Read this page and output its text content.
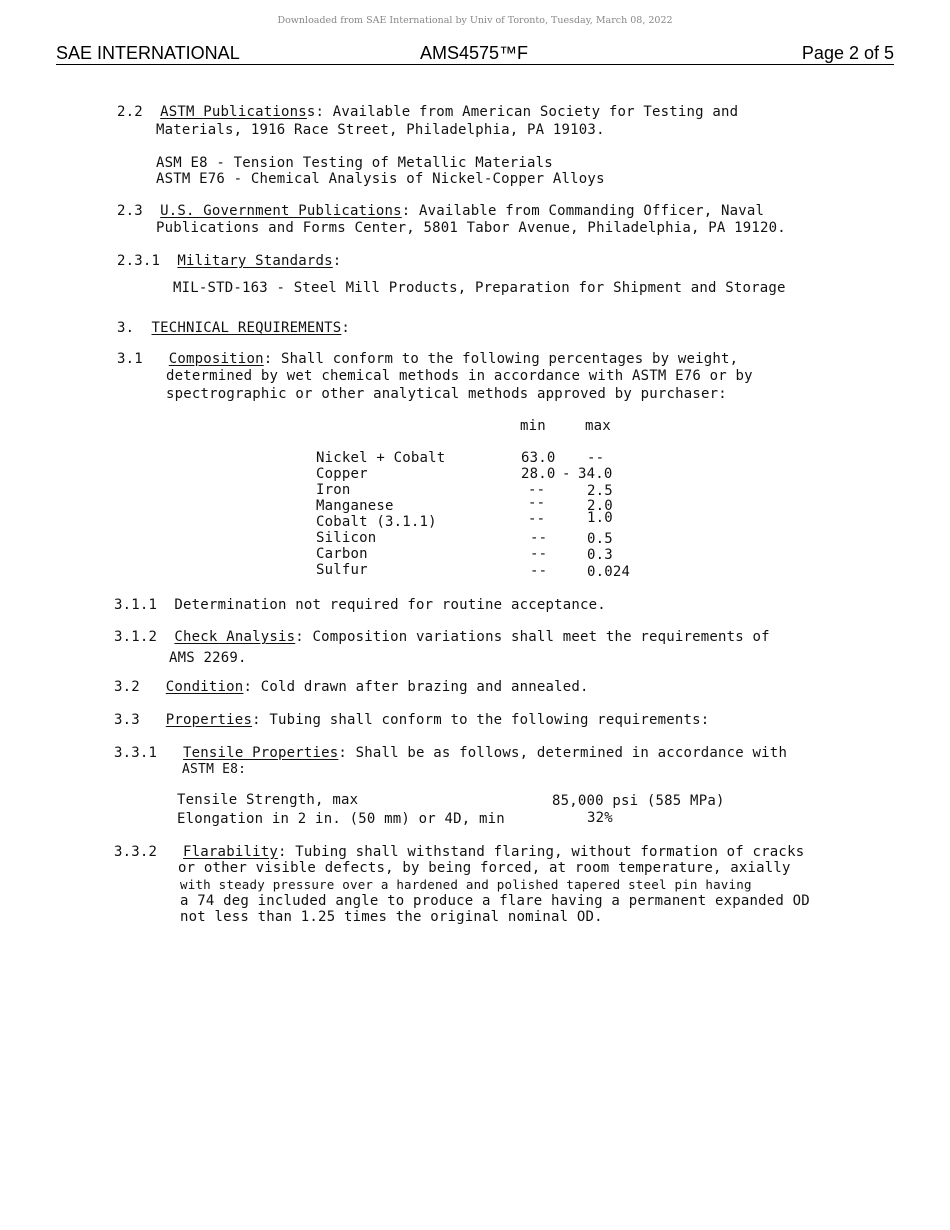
Downloaded from SAE International by Univ of Toronto, Tuesday, March 08, 2022
SAE INTERNATIONAL	AMS4575™F	Page 2 of 5
2.2 ASTM Publicationss: Available from American Society for Testing and
Materials, 1916 Race Street, Philadelphia, PA 19103.
ASM E8 - Tension Testing of Metallic Materials
ASTM E76 - Chemical Analysis of Nickel-Copper Alloys
2.3 U.S. Government Publications: Available from Commanding Officer, Naval
Publications and Forms Center, 5801 Tabor Avenue, Philadelphia, PA 19120.
2.3.1 Military Standards:
MIL-STD-163 - Steel Mill Products, Preparation for Shipment and Storage
3. TECHNICAL REQUIREMENTS:
3.1 Composition: Shall conform to the following percentages by weight,
determined by wet chemical methods in accordance with ASTM E76 or by
spectrographic or other analytical methods approved by purchaser:
min	max
Nickel + Cobalt	63.0 --
Copper	28.0 - 34.0
Iron	--	2.5
Manganese	--	2.0
Cobalt (3.1.1)	--	1.0
Silicon	--	0.5
Carbon	--	0.3
Sulfur	--	0.024
3.1.1 Determination not required for routine acceptance.
3.1.2 Check Analysis: Composition variations shall meet the requirements of
AMS 2269.
3.2 Condition: Cold drawn after brazing and annealed.
3.3 Properties: Tubing shall conform to the following requirements:
3.3.1 Tensile Properties: Shall be as follows, determined in accordance with
ASTM E8:
Tensile Strength, max	85,000 psi (585 MPa)
Elongation in 2 in. (50 mm) or 4D, min	32%
3.3.2 Flarability: Tubing shall withstand flaring, without formation of cracks
or other visible defects, by being forced, at room temperature, axially
with steady pressure over a hardened and polished tapered steel pin having
a 74 deg included angle to produce a flare having a permanent expanded OD
not less than 1.25 times the original nominal OD.
